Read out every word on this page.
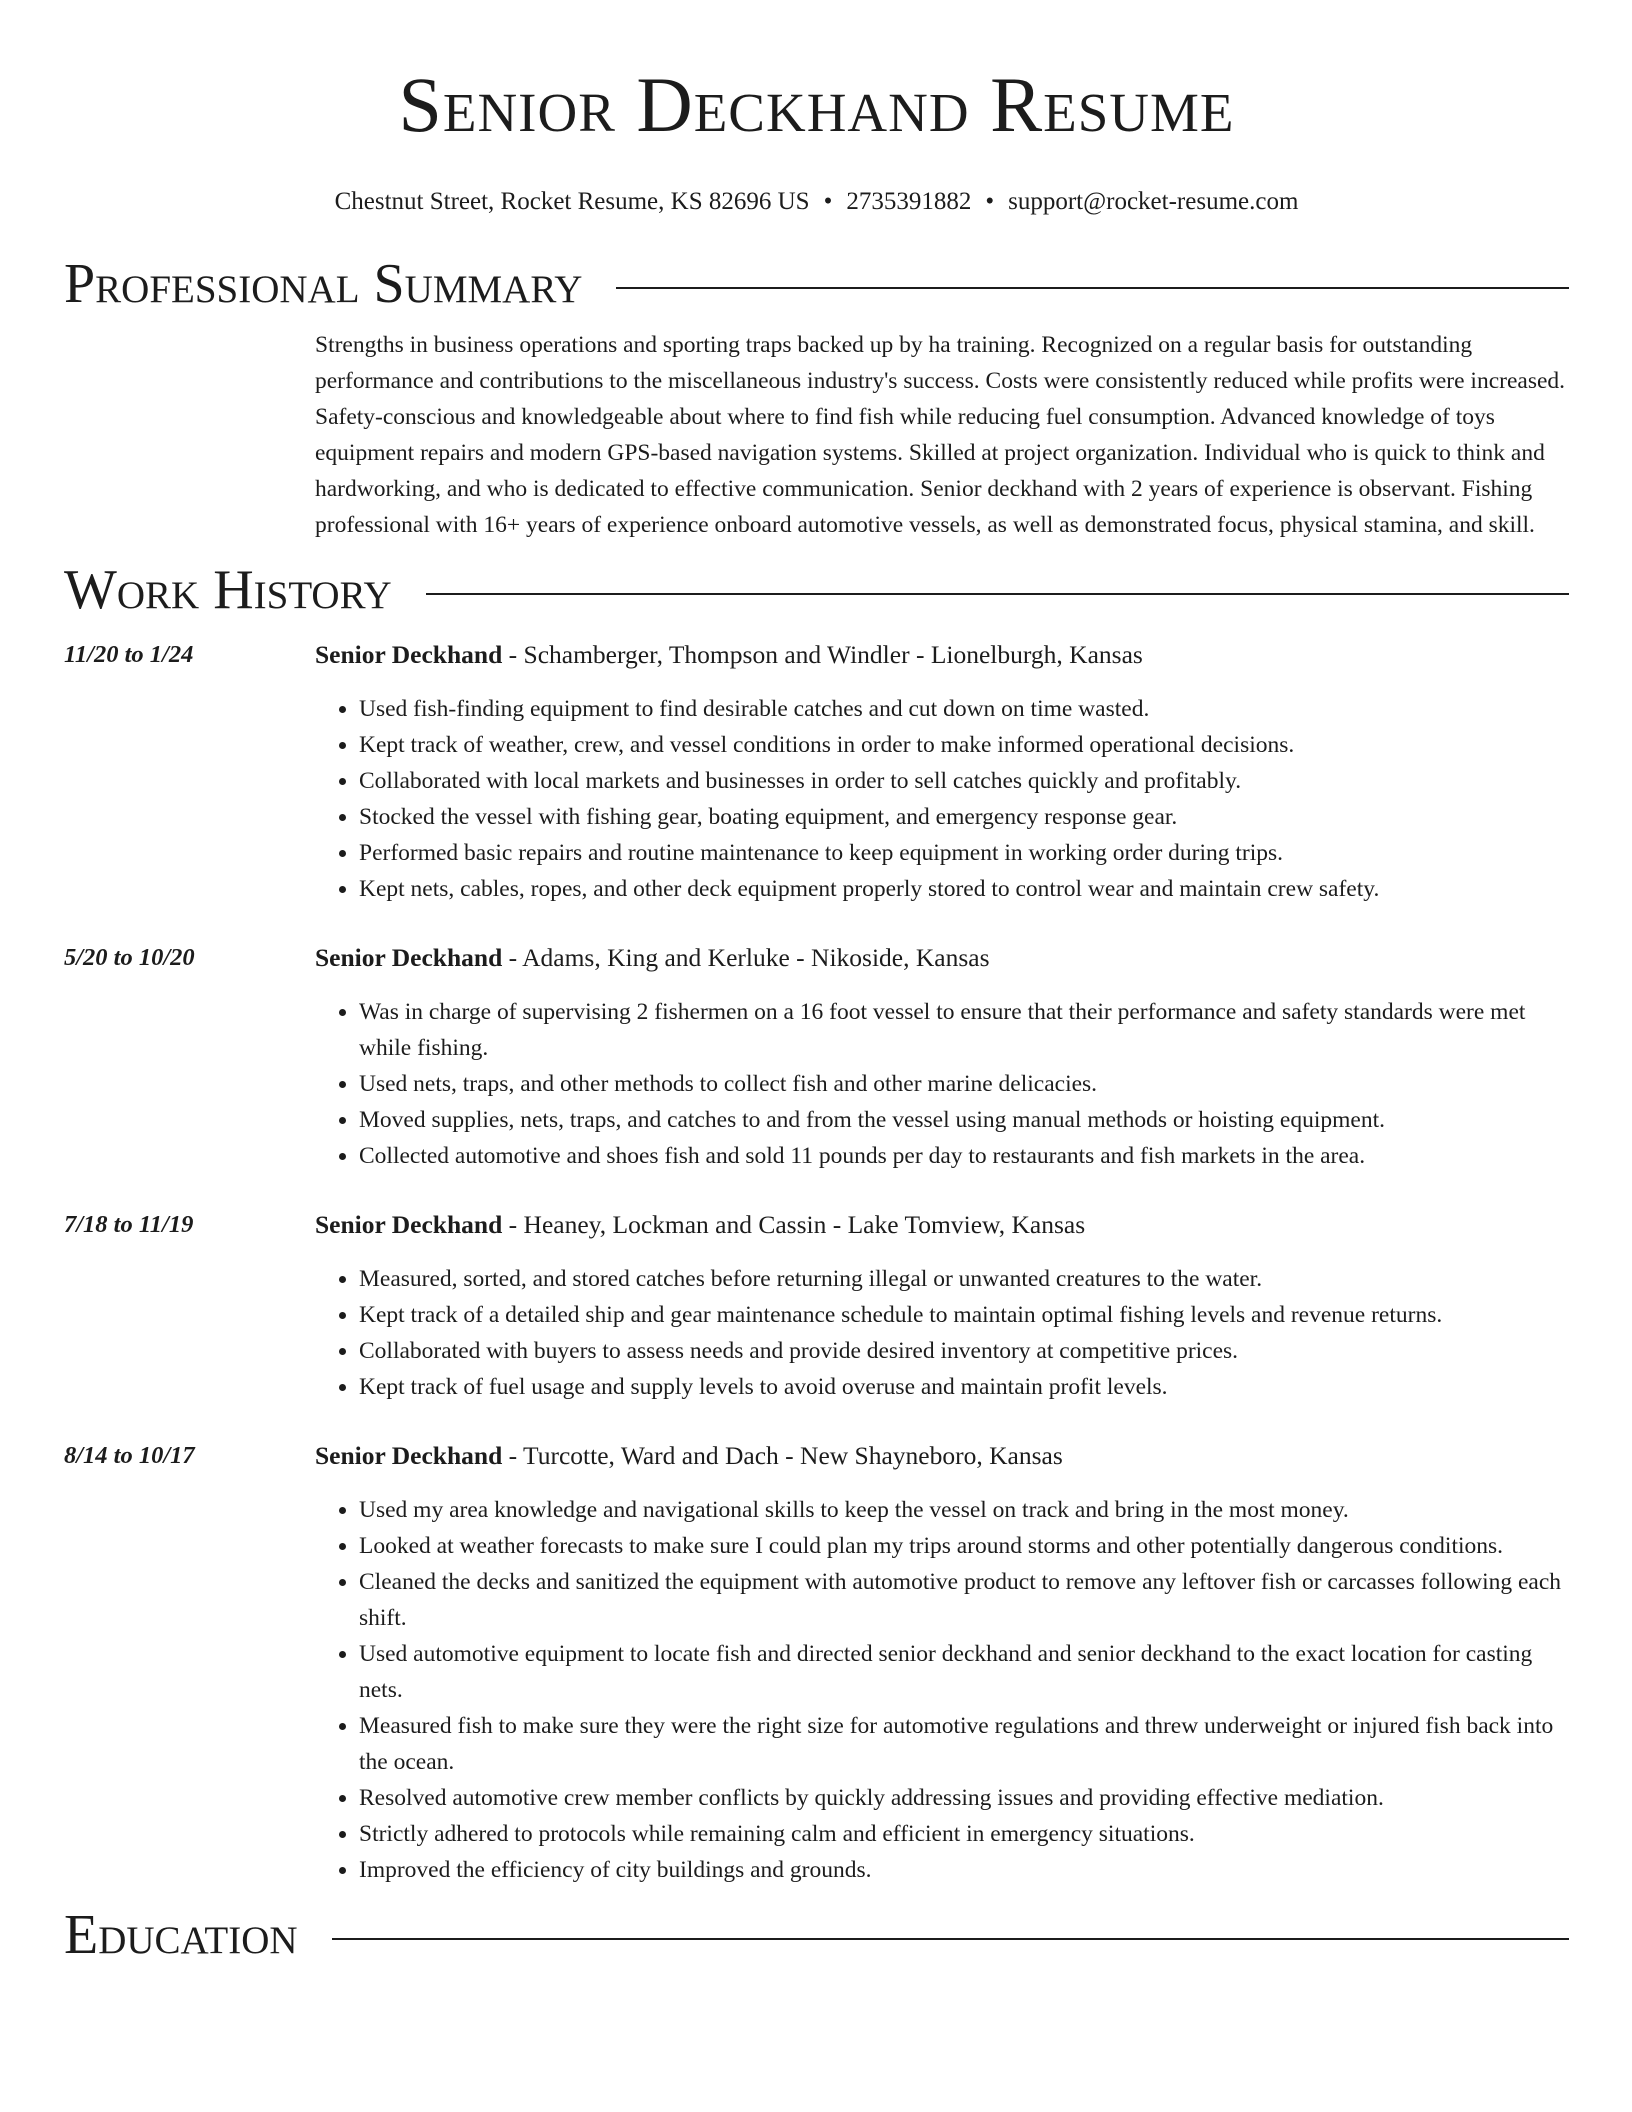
Senior Deckhand Resume
Chestnut Street, Rocket Resume, KS 82696 US • 2735391882 • support@rocket-resume.com
Professional Summary
Strengths in business operations and sporting traps backed up by ha training. Recognized on a regular basis for outstanding performance and contributions to the miscellaneous industry's success. Costs were consistently reduced while profits were increased. Safety-conscious and knowledgeable about where to find fish while reducing fuel consumption. Advanced knowledge of toys equipment repairs and modern GPS-based navigation systems. Skilled at project organization. Individual who is quick to think and hardworking, and who is dedicated to effective communication. Senior deckhand with 2 years of experience is observant. Fishing professional with 16+ years of experience onboard automotive vessels, as well as demonstrated focus, physical stamina, and skill.
Work History
11/20 to 1/24	Senior Deckhand - Schamberger, Thompson and Windler - Lionelburgh, Kansas
• Used fish-finding equipment to find desirable catches and cut down on time wasted.
• Kept track of weather, crew, and vessel conditions in order to make informed operational decisions.
• Collaborated with local markets and businesses in order to sell catches quickly and profitably.
• Stocked the vessel with fishing gear, boating equipment, and emergency response gear.
• Performed basic repairs and routine maintenance to keep equipment in working order during trips.
• Kept nets, cables, ropes, and other deck equipment properly stored to control wear and maintain crew safety.
5/20 to 10/20	Senior Deckhand - Adams, King and Kerluke - Nikoside, Kansas
• Was in charge of supervising 2 fishermen on a 16 foot vessel to ensure that their performance and safety standards were met while fishing.
• Used nets, traps, and other methods to collect fish and other marine delicacies.
• Moved supplies, nets, traps, and catches to and from the vessel using manual methods or hoisting equipment.
• Collected automotive and shoes fish and sold 11 pounds per day to restaurants and fish markets in the area.
7/18 to 11/19	Senior Deckhand - Heaney, Lockman and Cassin - Lake Tomview, Kansas
• Measured, sorted, and stored catches before returning illegal or unwanted creatures to the water.
• Kept track of a detailed ship and gear maintenance schedule to maintain optimal fishing levels and revenue returns.
• Collaborated with buyers to assess needs and provide desired inventory at competitive prices.
• Kept track of fuel usage and supply levels to avoid overuse and maintain profit levels.
8/14 to 10/17	Senior Deckhand - Turcotte, Ward and Dach - New Shayneboro, Kansas
• Used my area knowledge and navigational skills to keep the vessel on track and bring in the most money.
• Looked at weather forecasts to make sure I could plan my trips around storms and other potentially dangerous conditions.
• Cleaned the decks and sanitized the equipment with automotive product to remove any leftover fish or carcasses following each shift.
• Used automotive equipment to locate fish and directed senior deckhand and senior deckhand to the exact location for casting nets.
• Measured fish to make sure they were the right size for automotive regulations and threw underweight or injured fish back into the ocean.
• Resolved automotive crew member conflicts by quickly addressing issues and providing effective mediation.
• Strictly adhered to protocols while remaining calm and efficient in emergency situations.
• Improved the efficiency of city buildings and grounds.
Education
